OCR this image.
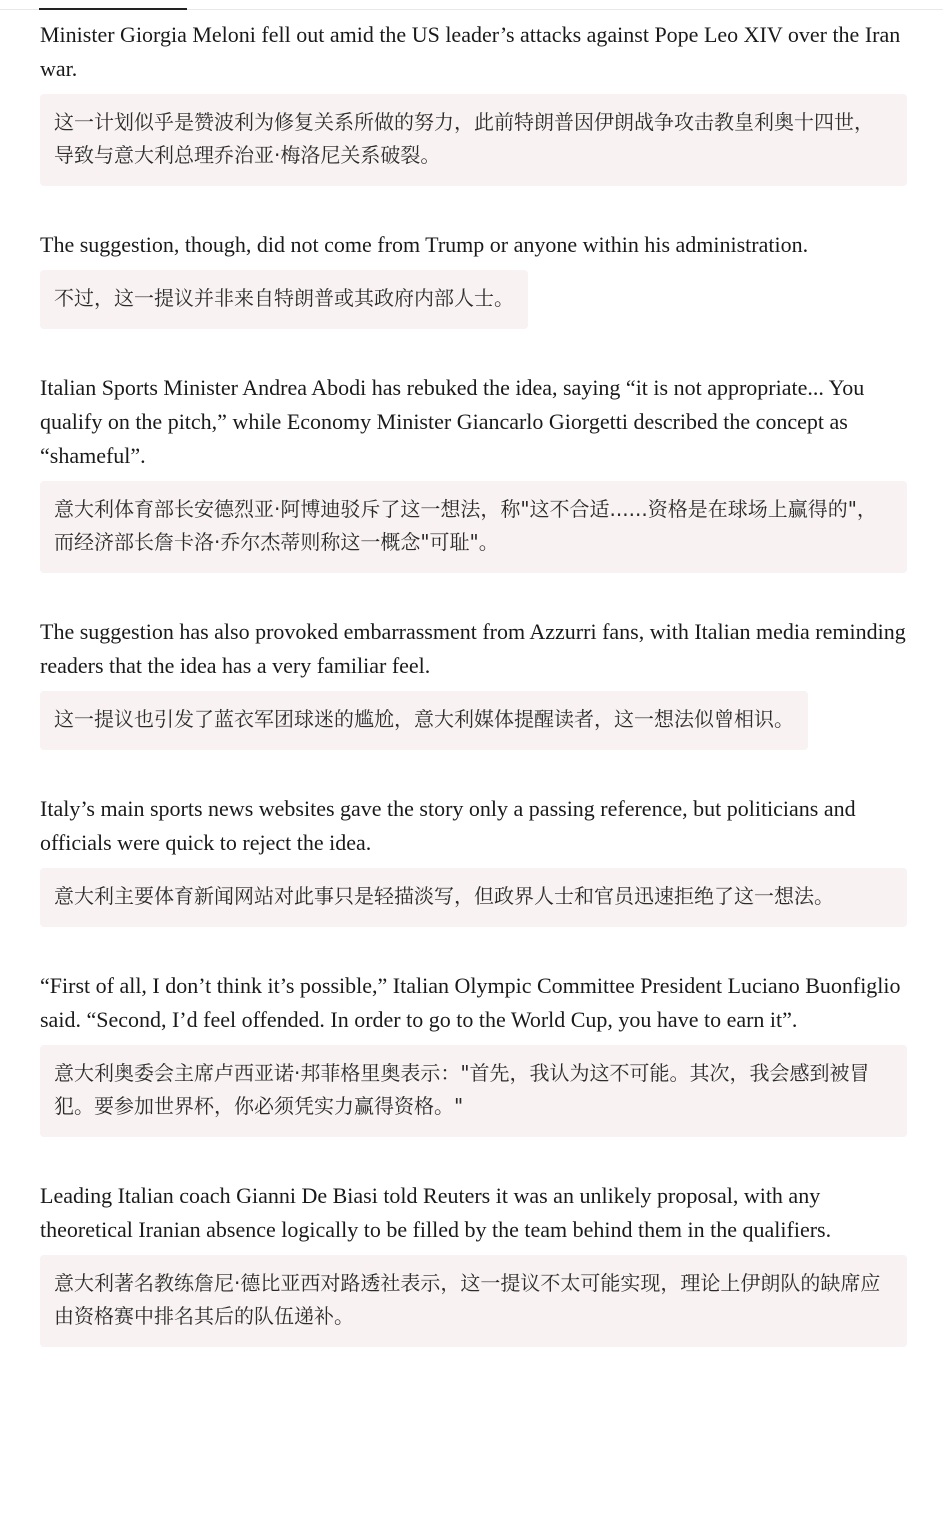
Minister Giorgia Meloni fell out amid the US leader’s attacks against Pope Leo XIV over the Iran war.

这一计划似乎是赞波利为修复关系所做的努力，此前特朗普因伊朗战争攻击教皇利奥十四世，导致与意大利总理乔治亚·梅洛尼关系破裂。

The suggestion, though, did not come from Trump or anyone within his administration.

不过，这一提议并非来自特朗普或其政府内部人士。

Italian Sports Minister Andrea Abodi has rebuked the idea, saying “it is not appropriate... You qualify on the pitch,” while Economy Minister Giancarlo Giorgetti described the concept as “shameful”.

意大利体育部长安德烈亚·阿博迪驳斥了这一想法，称"这不合适......资格是在球场上赢得的"，而经济部长詹卡洛·乔尔杰蒂则称这一概念"可耻"。

The suggestion has also provoked embarrassment from Azzurri fans, with Italian media reminding readers that the idea has a very familiar feel.

这一提议也引发了蓝衣军团球迷的尴尬，意大利媒体提醒读者，这一想法似曾相识。

Italy’s main sports news websites gave the story only a passing reference, but politicians and officials were quick to reject the idea.

意大利主要体育新闻网站对此事只是轻描淡写，但政界人士和官员迅速拒绝了这一想法。

“First of all, I don’t think it’s possible,” Italian Olympic Committee President Luciano Buonfiglio said. “Second, I’d feel offended. In order to go to the World Cup, you have to earn it”.

意大利奥委会主席卢西亚诺·邦菲格里奥表示："首先，我认为这不可能。其次，我会感到被冒犯。要参加世界杯，你必须凭实力赢得资格。"

Leading Italian coach Gianni De Biasi told Reuters it was an unlikely proposal, with any theoretical Iranian absence logically to be filled by the team behind them in the qualifiers.

意大利著名教练詹尼·德比亚西对路透社表示，这一提议不太可能实现，理论上伊朗队的缺席应由资格赛中排名其后的队伍递补。
